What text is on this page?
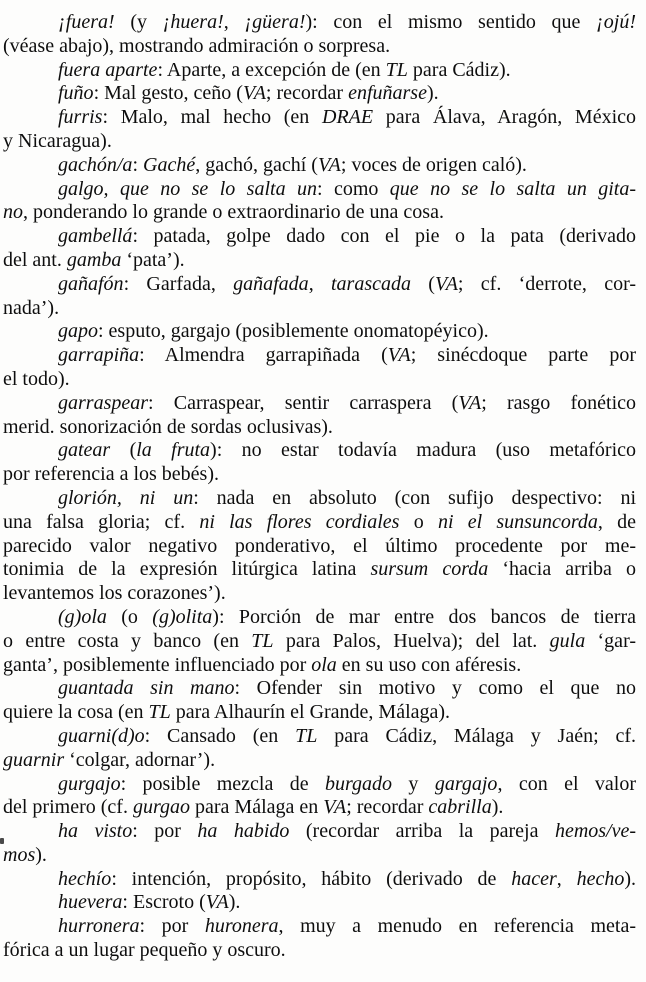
¡fuera! (y ¡huera!, ¡güera!): con el mismo sentido que ¡ojú!
(véase abajo), mostrando admiración o sorpresa.
fuera aparte: Aparte, a excepción de (en TL para Cádiz).
fuño: Mal gesto, ceño (VA; recordar enfuñarse).
furris: Malo, mal hecho (en DRAE para Álava, Aragón, México
y Nicaragua).
gachón/a: Gaché, gachó, gachí (VA; voces de origen caló).
galgo, que no se lo salta un: como que no se lo salta un gita-
no, ponderando lo grande o extraordinario de una cosa.
gambellá: patada, golpe dado con el pie o la pata (derivado
del ant. gamba ‘pata’).
gañafón: Garfada, gañafada, tarascada (VA; cf. ‘derrote, cor-
nada’).
gapo: esputo, gargajo (posiblemente onomatopéyico).
garrapiña: Almendra garrapiñada (VA; sinécdoque parte por
el todo).
garraspear: Carraspear, sentir carraspera (VA; rasgo fonético
merid. sonorización de sordas oclusivas).
gatear (la fruta): no estar todavía madura (uso metafórico
por referencia a los bebés).
glorión, ni un: nada en absoluto (con sufijo despectivo: ni
una falsa gloria; cf. ni las flores cordiales o ni el sunsuncorda, de
parecido valor negativo ponderativo, el último procedente por me-
tonimia de la expresión litúrgica latina sursum corda ‘hacia arriba o
levantemos los corazones’).
(g)ola (o (g)olita): Porción de mar entre dos bancos de tierra
o entre costa y banco (en TL para Palos, Huelva); del lat. gula ‘gar-
ganta’, posiblemente influenciado por ola en su uso con aféresis.
guantada sin mano: Ofender sin motivo y como el que no
quiere la cosa (en TL para Alhaurín el Grande, Málaga).
guarni(d)o: Cansado (en TL para Cádiz, Málaga y Jaén; cf.
guarnir ‘colgar, adornar’).
gurgajo: posible mezcla de burgado y gargajo, con el valor
del primero (cf. gurgao para Málaga en VA; recordar cabrilla).
ha visto: por ha habido (recordar arriba la pareja hemos/ve-
mos).
hechío: intención, propósito, hábito (derivado de hacer, hecho).
huevera: Escroto (VA).
hurronera: por huronera, muy a menudo en referencia meta-
fórica a un lugar pequeño y oscuro.
